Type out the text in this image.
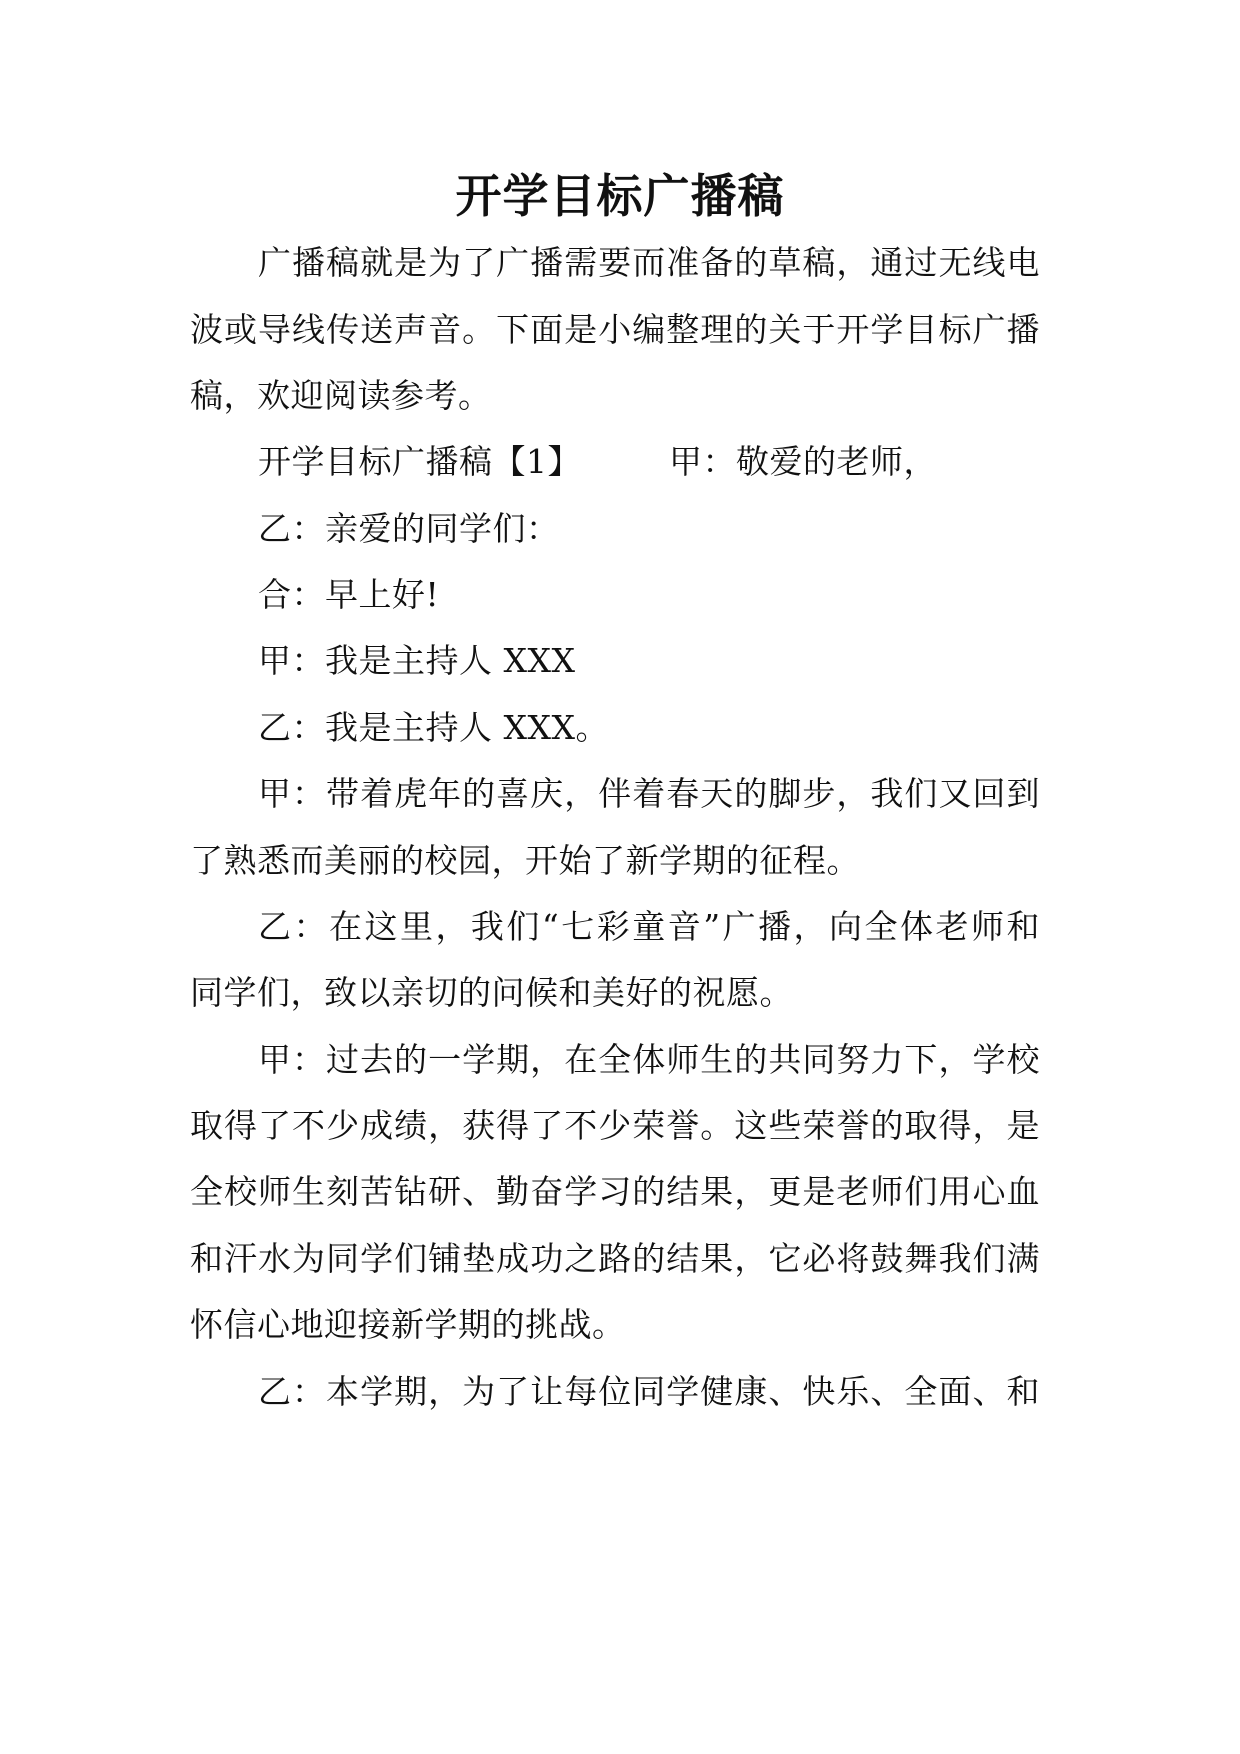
开学目标广播稿
广播稿就是为了广播需要而准备的草稿，通过无线电
波或导线传送声音。下面是小编整理的关于开学目标广播
稿，欢迎阅读参考。
开学目标广播稿【1】	甲：敬爱的老师，
乙：亲爱的同学们：
合：早上好!
甲：我是主持人 XXX
乙：我是主持人 XXX。
甲：带着虎年的喜庆，伴着春天的脚步，我们又回到
了熟悉而美丽的校园，开始了新学期的征程。
乙：在这里，我们“七彩童音”广播，向全体老师和
同学们，致以亲切的问候和美好的祝愿。
甲：过去的一学期，在全体师生的共同努力下，学校
取得了不少成绩，获得了不少荣誉。这些荣誉的取得，是
全校师生刻苦钻研、勤奋学习的结果，更是老师们用心血
和汗水为同学们铺垫成功之路的结果，它必将鼓舞我们满
怀信心地迎接新学期的挑战。
乙：本学期，为了让每位同学健康、快乐、全面、和
